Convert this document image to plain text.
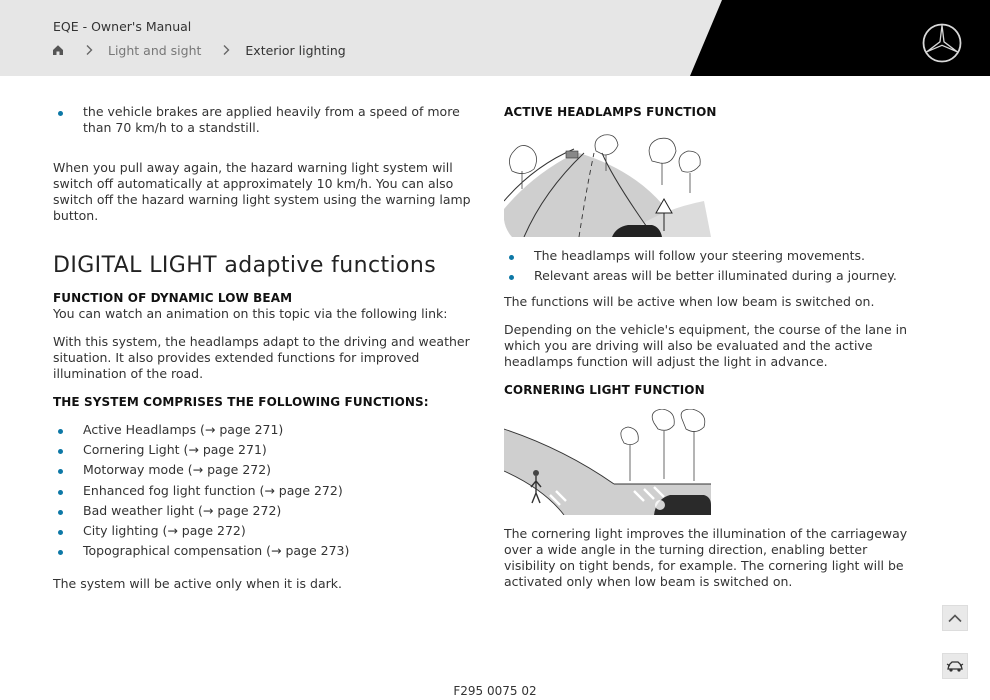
EQE - Owner's Manual
Light and sight	Exterior lighting
the vehicle brakes are applied heavily from a speed of more than 70 km/h to a standstill.

When you pull away again, the hazard warning light system will switch off automatically at approximately 10 km/h. You can also switch off the hazard warning light system using the warning lamp button.

DIGITAL LIGHT adaptive functions
FUNCTION OF DYNAMIC LOW BEAM

You can watch an animation on this topic via the following link:

With this system, the headlamps adapt to the driving and weather situation. It also provides extended functions for improved illumination of the road.

THE SYSTEM COMPRISES THE FOLLOWING FUNCTIONS:
Active Headlamps (→ page 271)
Cornering Light (→ page 271)
Motorway mode (→ page 272)
Enhanced fog light function (→ page 272)
Bad weather light (→ page 272)
City lighting (→ page 272)
Topographical compensation (→ page 273)

The system will be active only when it is dark.

ACTIVE HEADLAMPS FUNCTION
The headlamps will follow your steering movements.
Relevant areas will be better illuminated during a journey.

The functions will be active when low beam is switched on.

Depending on the vehicle's equipment, the course of the lane in which you are driving will also be evaluated and the active headlamps function will adjust the light in advance.

CORNERING LIGHT FUNCTION

The cornering light improves the illumination of the carriageway over a wide angle in the turning direction, enabling better visibility on tight bends, for example. The cornering light will be activated only when low beam is switched on.

F295 0075 02
